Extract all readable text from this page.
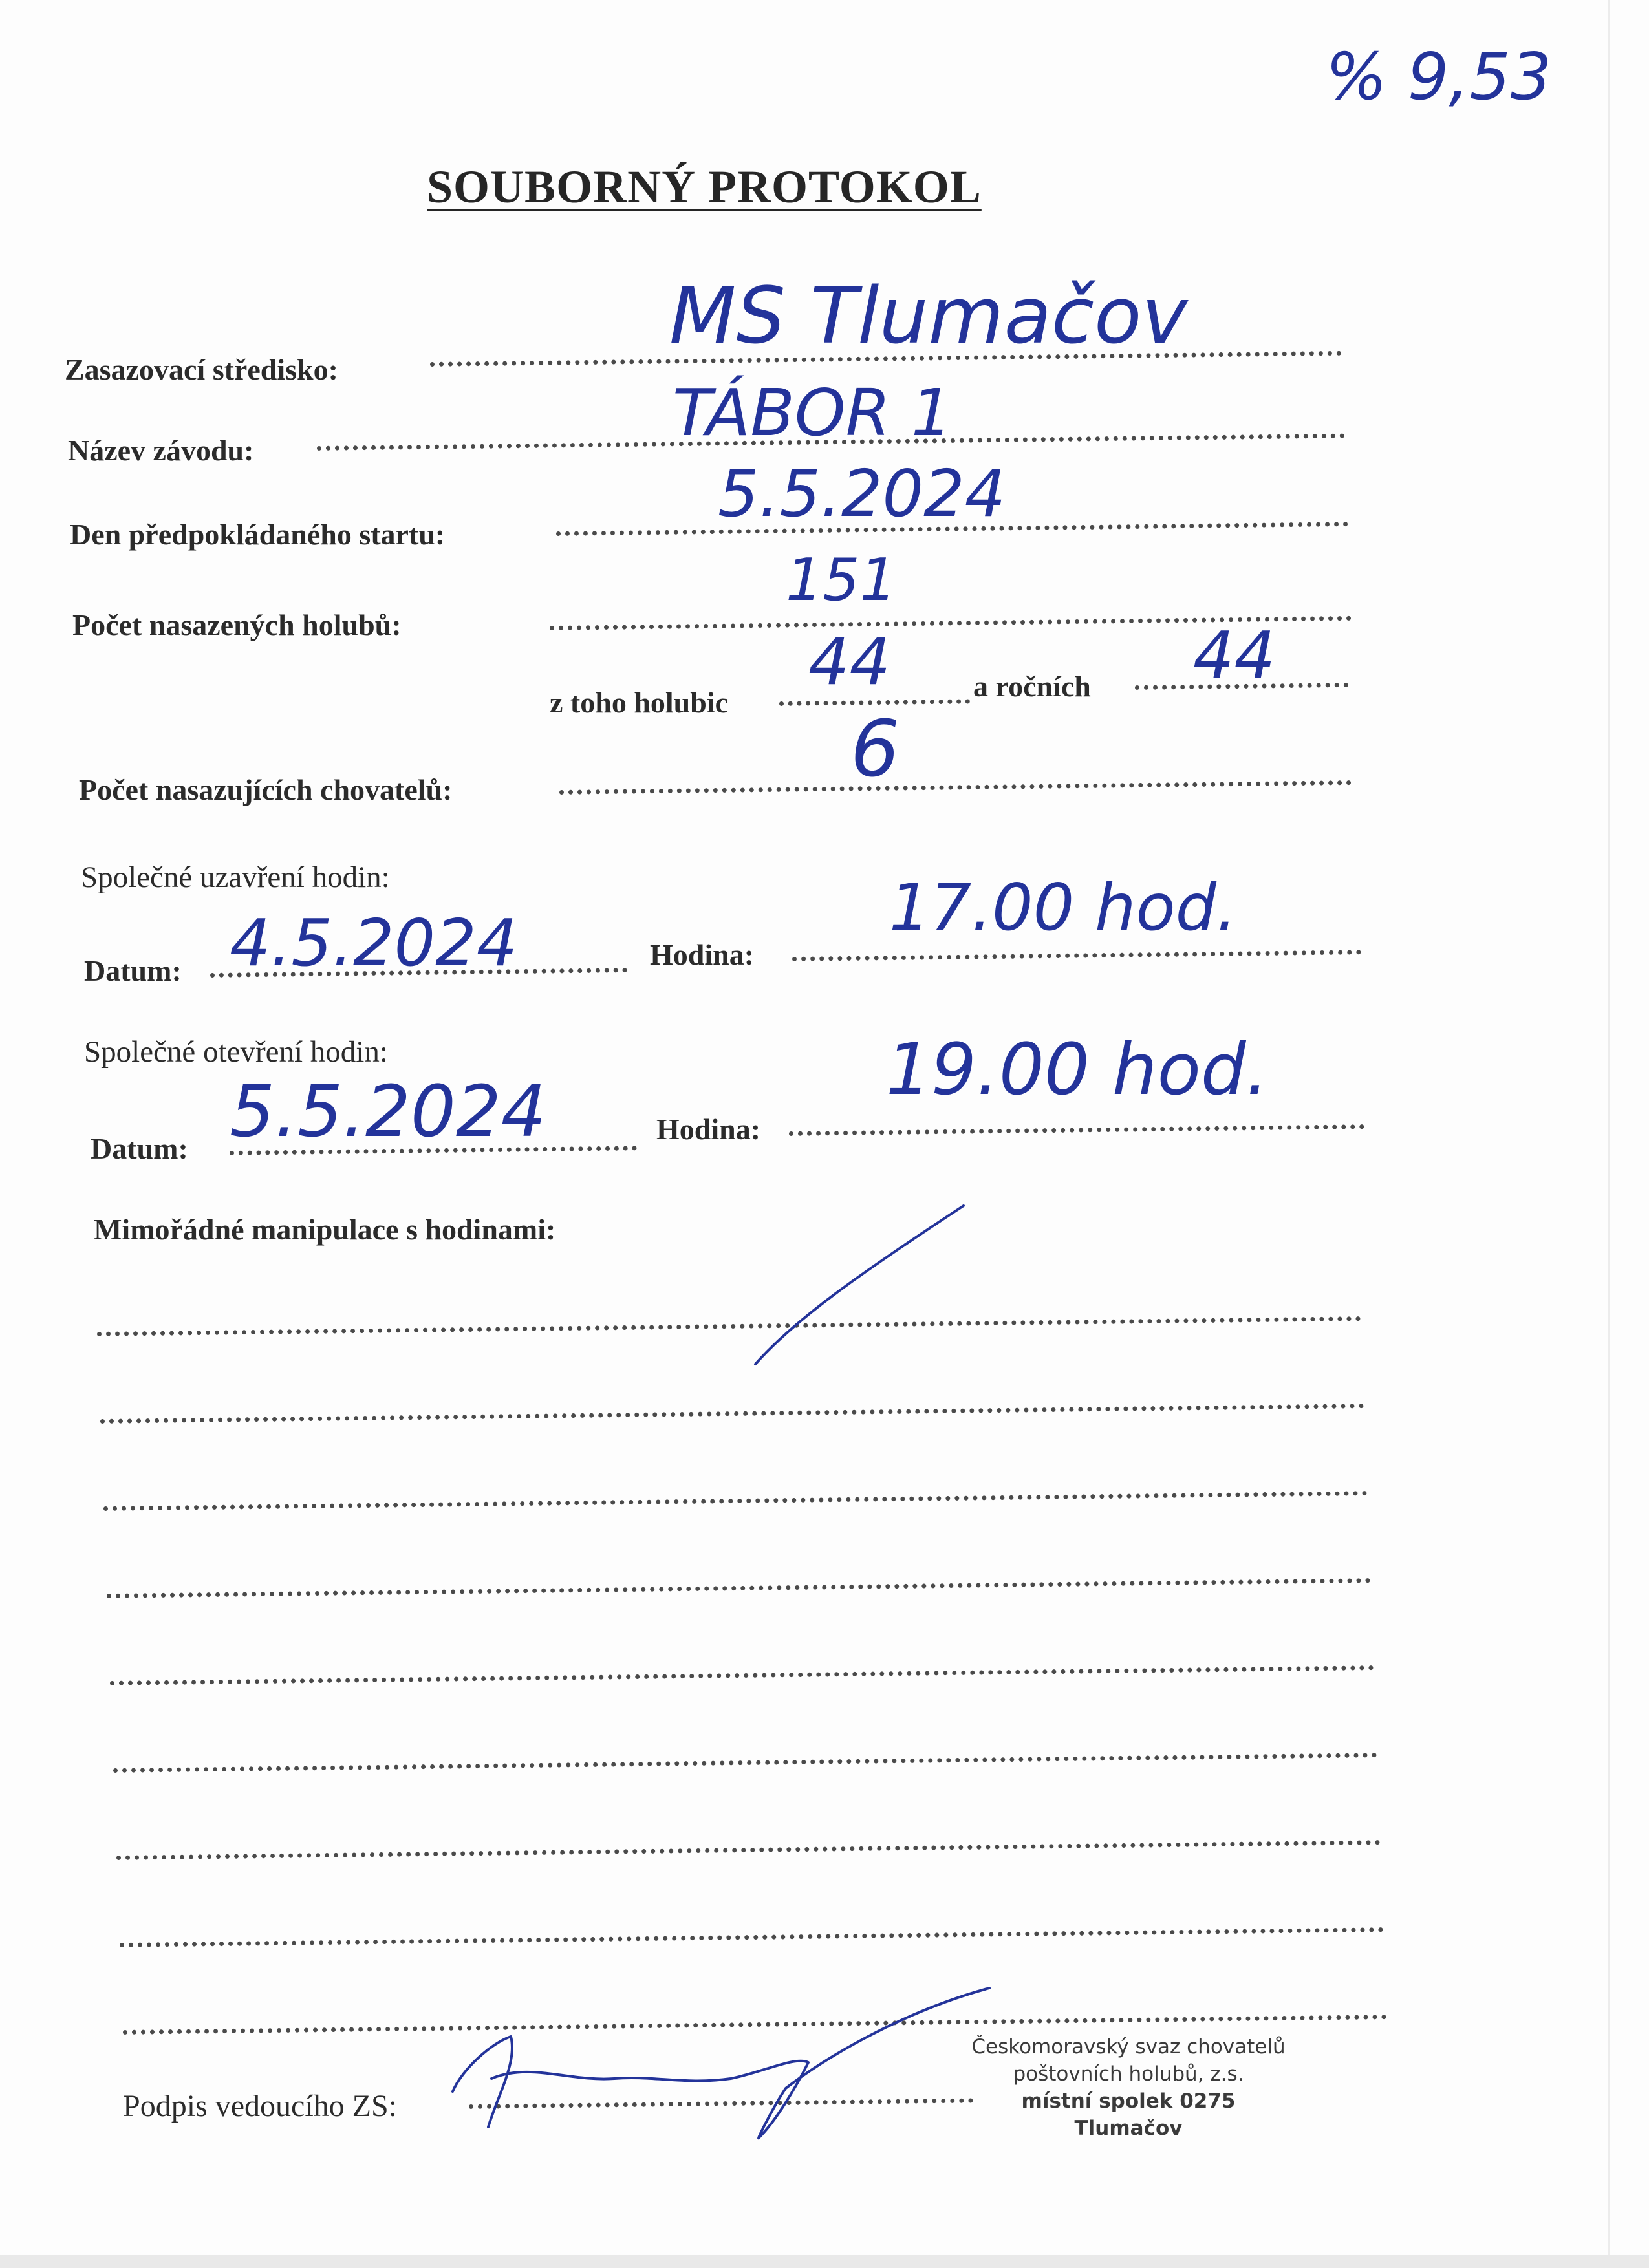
% 9,53
SOUBORNÝ PROTOKOL
Zasazovací středisko:
MS Tlumačov
Název závodu:	TÁBOR 1
Den předpokládaného startu:
5.5.2024
Počet nasazených holubů:
151
z toho holubic
44	a ročních 44
Počet nasazujících chovatelů:	6
Společné uzavření hodin:
Datum: 4.5.2024	Hodina:
17.00 hod.
Společné otevření hodin:
Datum: 5.5.2024	Hodina:
19.00 hod.
Mimořádné manipulace s hodinami:
Podpis vedoucího ZS:
Českomoravský svaz chovatelů
poštovních holubů, z.s.
místní spolek 0275
Tlumačov
